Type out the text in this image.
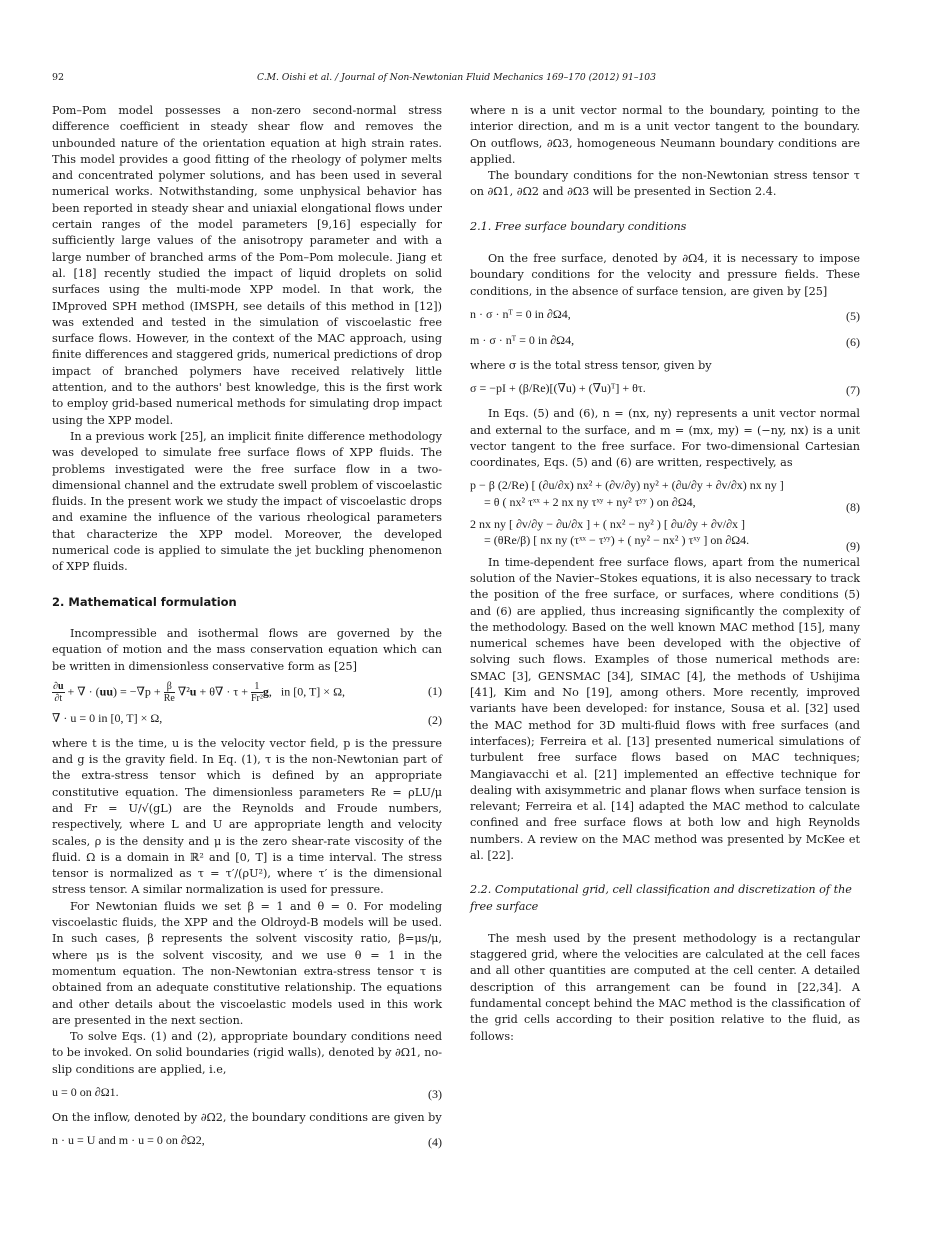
92	C.M. Oishi et al. / Journal of Non-Newtonian Fluid Mechanics 169–170 (2012) 91–103

Pom–Pom model possesses a non-zero second-normal stress difference coefficient in steady shear flow and removes the unbounded nature of the orientation equation at high strain rates. This model provides a good fitting of the rheology of polymer melts and concentrated polymer solutions, and has been used in several numerical works. Notwithstanding, some unphysical behavior has been reported in steady shear and uniaxial elongational flows under certain ranges of the model parameters [9,16] especially for sufficiently large values of the anisotropy parameter and with a large number of branched arms of the Pom–Pom molecule. Jiang et al. [18] recently studied the impact of liquid droplets on solid surfaces using the multi-mode XPP model. In that work, the IMproved SPH method (IMSPH, see details of this method in [12]) was extended and tested in the simulation of viscoelastic free surface flows. However, in the context of the MAC approach, using finite differences and staggered grids, numerical predictions of drop impact of branched polymers have received relatively little attention, and to the authors' best knowledge, this is the first work to employ grid-based numerical methods for simulating drop impact using the XPP model.

In a previous work [25], an implicit finite difference methodology was developed to simulate free surface flows of XPP fluids. The problems investigated were the free surface flow in a two-dimensional channel and the extrudate swell problem of viscoelastic fluids. In the present work we study the impact of viscoelastic drops and examine the influence of the various rheological parameters that characterize the XPP model. Moreover, the developed numerical code is applied to simulate the jet buckling phenomenon of XPP fluids.

2. Mathematical formulation

Incompressible and isothermal flows are governed by the equation of motion and the mass conservation equation which can be written in dimensionless conservative form as [25]

$\frac{\partial u}{\partial t}$ + ∇ · $(uu) = -\nabla p + \frac{\beta}{Re} \nabla^2u + \theta\nabla \cdot \tau + \frac{1}{\text{Fr²}} g$,   in [0, T] × Ω,	(1)
∇ · u = 0 in [0, T] × Ω,	(2)

where t is the time, u is the velocity vector field, p is the pressure and g is the gravity field. In Eq. (1), τ is the non-Newtonian part of the extra-stress tensor which is defined by an appropriate constitutive equation. The dimensionless parameters Re = ρLU/μ and Fr = U/√(gL) are the Reynolds and Froude numbers, respectively, where L and U are appropriate length and velocity scales, ρ is the density and μ is the zero shear-rate viscosity of the fluid. Ω is a domain in ℝ² and [0, T] is a time interval. The stress tensor is normalized as τ = τ′/(ρU²), where τ′ is the dimensional stress tensor. A similar normalization is used for pressure.

For Newtonian fluids we set β = 1 and θ = 0. For modeling viscoelastic fluids, the XPP and the Oldroyd-B models will be used. In such cases, β represents the solvent viscosity ratio, β=μs/μ, where μs is the solvent viscosity, and we use θ = 1 in the momentum equation. The non-Newtonian extra-stress tensor τ is obtained from an adequate constitutive relationship. The equations and other details about the viscoelastic models used in this work are presented in the next section.

To solve Eqs. (1) and (2), appropriate boundary conditions need to be invoked. On solid boundaries (rigid walls), denoted by ∂Ω1, no-slip conditions are applied, i.e,

u = 0 on ∂Ω1.	(3)

On the inflow, denoted by ∂Ω2, the boundary conditions are given by

n · u = U and m · u = 0 on ∂Ω2,	(4)

where n is a unit vector normal to the boundary, pointing to the interior direction, and m is a unit vector tangent to the boundary. On outflows, ∂Ω3, homogeneous Neumann boundary conditions are applied.

The boundary conditions for the non-Newtonian stress tensor τ on ∂Ω1, ∂Ω2 and ∂Ω3 will be presented in Section 2.4.

2.1. Free surface boundary conditions

On the free surface, denoted by ∂Ω4, it is necessary to impose boundary conditions for the velocity and pressure fields. These conditions, in the absence of surface tension, are given by [25]

n · σ · nᵀ = 0 in ∂Ω4,	(5)
m · σ · nᵀ = 0 in ∂Ω4,	(6)

where σ is the total stress tensor, given by

σ = −pI + (β/Re)[(∇u) + (∇u)ᵀ] + θτ.	(7)

In Eqs. (5) and (6), n = (nx, ny) represents a unit vector normal and external to the surface, and m = (mx, my) = (−ny, nx) is a unit vector tangent to the free surface. For two-dimensional Cartesian coordinates, Eqs. (5) and (6) are written, respectively, as

p − β (2/Re) [ (∂u/∂x) nx² + (∂v/∂y) ny² + (∂u/∂y + ∂v/∂x) nx ny ]
= θ ( nx² τˣˣ + 2 nx ny τˣʸ + ny² τʸʸ ) on ∂Ω4,	(8)
2 nx ny [ ∂v/∂y − ∂u/∂x ] + ( nx² − ny² ) [ ∂u/∂y + ∂v/∂x ]
= (θRe/β) [ nx ny (τˣˣ − τʸʸ) + ( ny² − nx² ) τˣʸ ] on ∂Ω4.	(9)

In time-dependent free surface flows, apart from the numerical solution of the Navier–Stokes equations, it is also necessary to track the position of the free surface, or surfaces, where conditions (5) and (6) are applied, thus increasing significantly the complexity of the methodology. Based on the well known MAC method [15], many numerical schemes have been developed with the objective of solving such flows. Examples of those numerical methods are: SMAC [3], GENSMAC [34], SIMAC [4], the methods of Ushijima [41], Kim and No [19], among others. More recently, improved variants have been developed: for instance, Sousa et al. [32] used the MAC method for 3D multi-fluid flows with free surfaces (and interfaces); Ferreira et al. [13] presented numerical simulations of turbulent free surface flows based on MAC techniques; Mangiavacchi et al. [21] implemented an effective technique for dealing with axisymmetric and planar flows when surface tension is relevant; Ferreira et al. [14] adapted the MAC method to calculate confined and free surface flows at both low and high Reynolds numbers. A review on the MAC method was presented by McKee et al. [22].

2.2. Computational grid, cell classification and discretization of the free surface

The mesh used by the present methodology is a rectangular staggered grid, where the velocities are calculated at the cell faces and all other quantities are computed at the cell center. A detailed description of this arrangement can be found in [22,34]. A fundamental concept behind the MAC method is the classification of the grid cells according to their position relative to the fluid, as follows:
